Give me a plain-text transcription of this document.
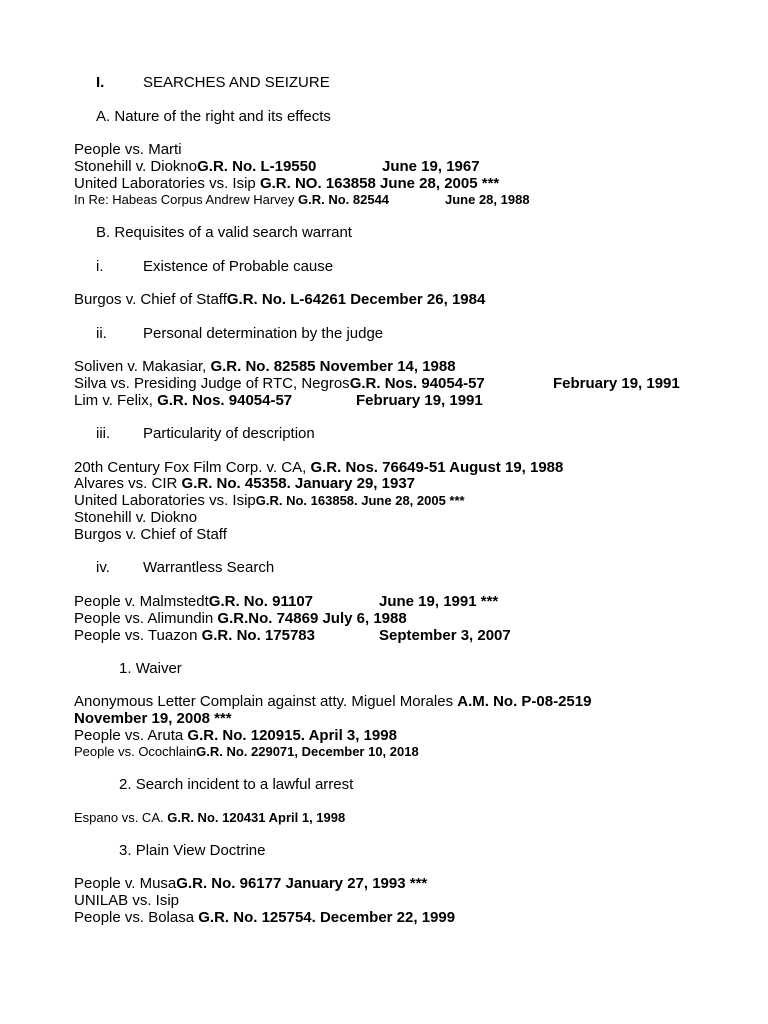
I.	SEARCHES AND SEIZURE
A. Nature of the right and its effects
People vs. Marti
Stonehill v. DioknoG.R. No. L-19550	June 19, 1967
United Laboratories vs. Isip G.R. NO. 163858 June 28, 2005 ***
In Re: Habeas Corpus Andrew Harvey G.R. No. 82544	June 28, 1988
B. Requisites of a valid search warrant
i.	Existence of Probable cause
Burgos v. Chief of StaffG.R. No. L-64261 December 26, 1984
ii. Personal determination by the judge
Soliven v. Makasiar, G.R. No. 82585 November 14, 1988
Silva vs. Presiding Judge of RTC, NegrosG.R. Nos. 94054-57	February 19, 1991
Lim v. Felix, G.R. Nos. 94054-57	February 19, 1991
iii. Particularity of description
20th Century Fox Film Corp. v. CA, G.R. Nos. 76649-51 August 19, 1988
Alvares vs. CIR G.R. No. 45358. January 29, 1937
United Laboratories vs. IsipG.R. No. 163858. June 28, 2005 ***
Stonehill v. Diokno
Burgos v. Chief of Staff
iv. Warrantless Search
People v. MalmstedtG.R. No. 91107	June 19, 1991 ***
People vs. Alimundin G.R.No. 74869 July 6, 1988
People vs. Tuazon G.R. No. 175783	September 3, 2007
1. Waiver
Anonymous Letter Complain against atty. Miguel Morales A.M. No. P-08-2519
November 19, 2008 ***
People vs. Aruta G.R. No. 120915. April 3, 1998
People vs. OcochlainG.R. No. 229071, December 10, 2018
2. Search incident to a lawful arrest
Espano vs. CA. G.R. No. 120431 April 1, 1998
3. Plain View Doctrine
People v. MusaG.R. No. 96177 January 27, 1993 ***
UNILAB vs. Isip
People vs. Bolasa G.R. No. 125754. December 22, 1999
